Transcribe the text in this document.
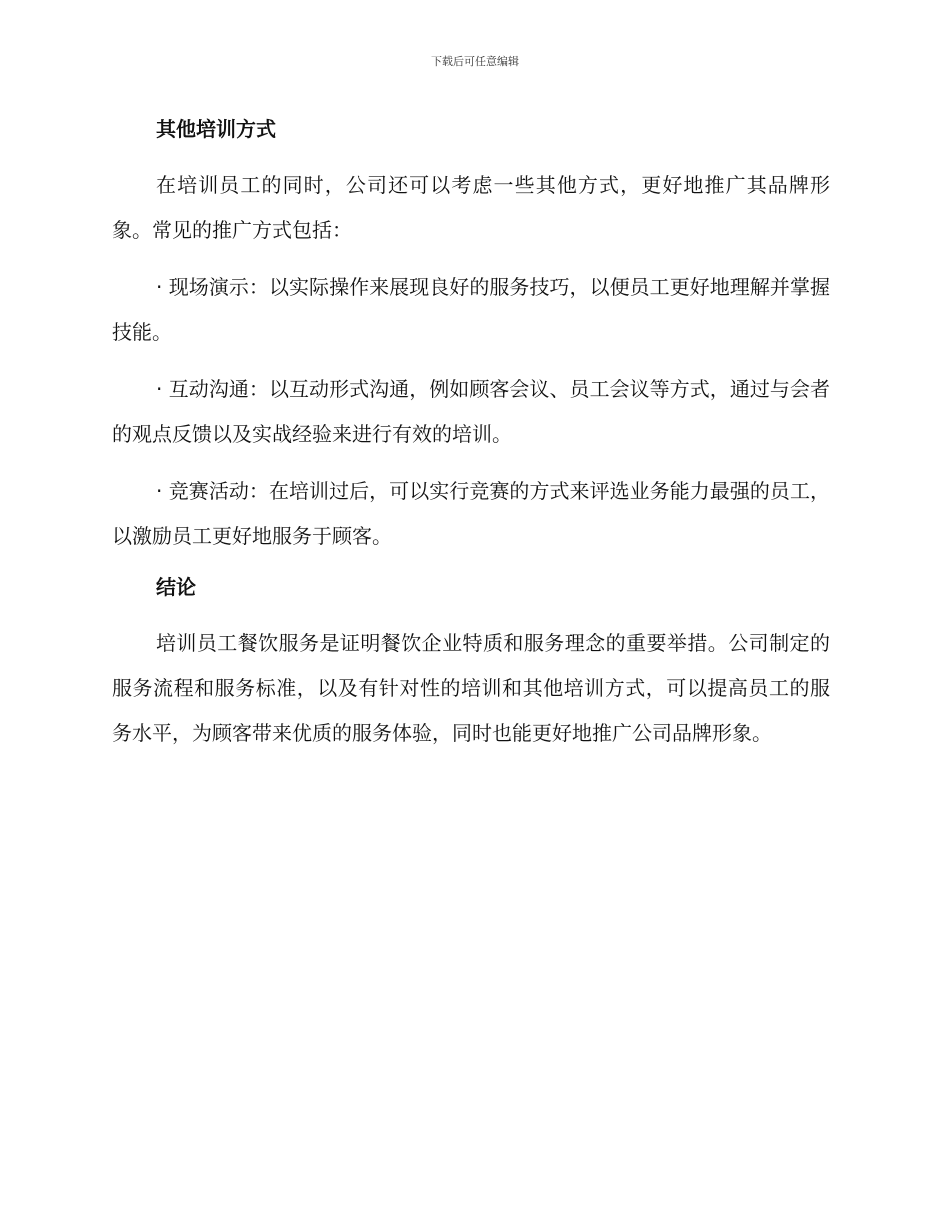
下载后可任意编辑
其他培训方式

在培训员工的同时，公司还可以考虑一些其他方式，更好地推广其品牌形象。常见的推广方式包括：

· 现场演示：以实际操作来展现良好的服务技巧，以便员工更好地理解并掌握技能。

· 互动沟通：以互动形式沟通，例如顾客会议、员工会议等方式，通过与会者的观点反馈以及实战经验来进行有效的培训。

· 竞赛活动：在培训过后，可以实行竞赛的方式来评选业务能力最强的员工，以激励员工更好地服务于顾客。

结论

培训员工餐饮服务是证明餐饮企业特质和服务理念的重要举措。公司制定的服务流程和服务标准，以及有针对性的培训和其他培训方式，可以提高员工的服务水平，为顾客带来优质的服务体验，同时也能更好地推广公司品牌形象。
